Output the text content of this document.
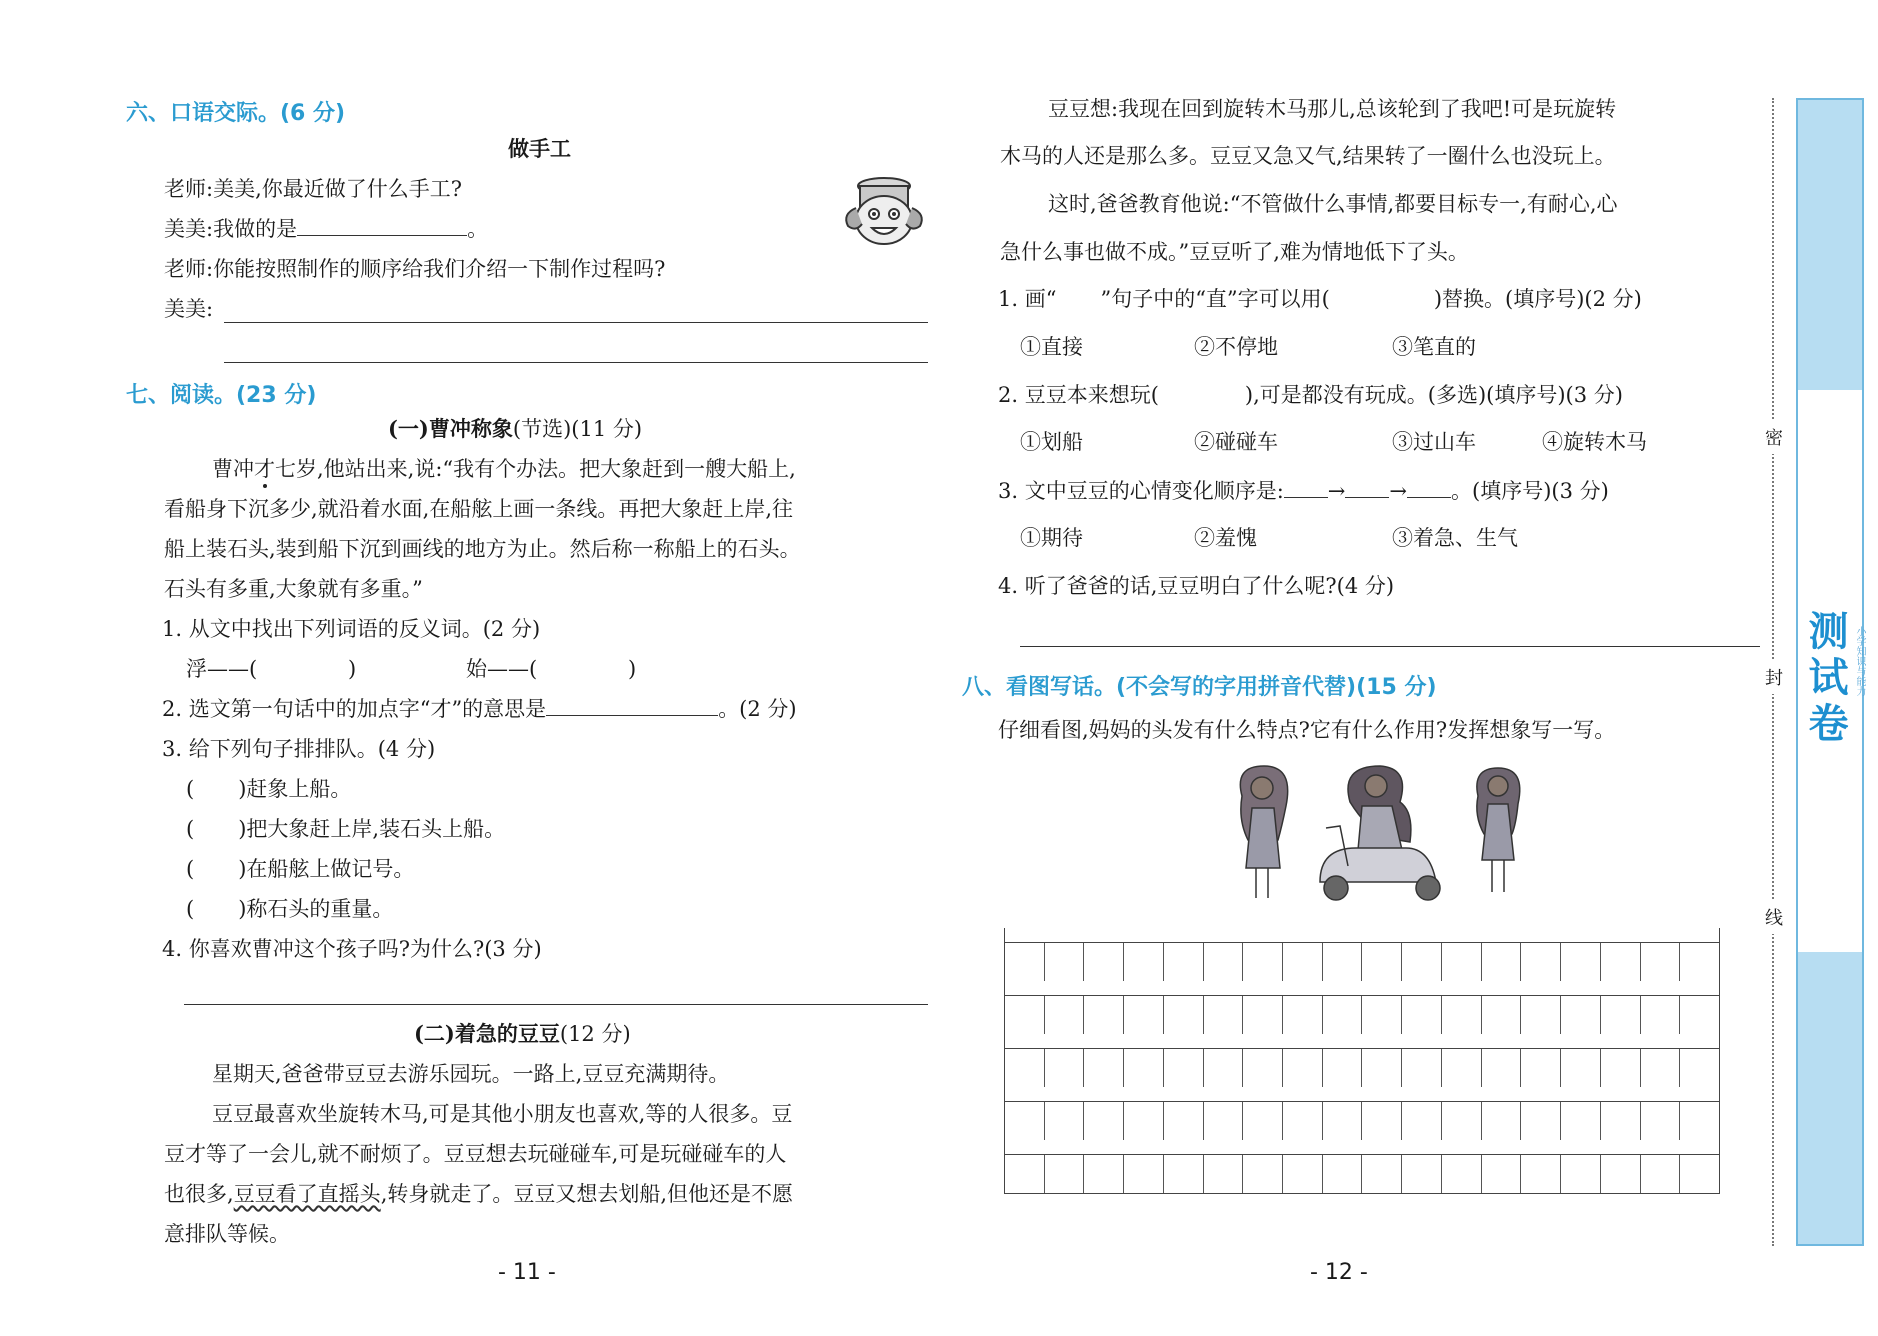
六、口语交际。(6 分)
做手工
老师:美美,你最近做了什么手工?
美美:我做的是	。
老师:你能按照制作的顺序给我们介绍一下制作过程吗?
美美:
七、阅读。(23 分)
(一)曹冲称象(节选)(11 分)
曹冲才七岁,他站出来,说:“我有个办法。把大象赶到一艘大船上,
看船身下沉多少,就沿着水面,在船舷上画一条线。再把大象赶上岸,往
船上装石头,装到船下沉到画线的地方为止。然后称一称船上的石头。
石头有多重,大象就有多重。”
1. 从文中找出下列词语的反义词。(2 分)
浮——(	)	始——(	)
2. 选文第一句话中的加点字“才”的意思是	。(2 分)
3. 给下列句子排排队。(4 分)
( )赶象上船。
( )把大象赶上岸,装石头上船。
( )在船舷上做记号。
( )称石头的重量。
4. 你喜欢曹冲这个孩子吗?为什么?(3 分)
(二)着急的豆豆(12 分)
星期天,爸爸带豆豆去游乐园玩。一路上,豆豆充满期待。
豆豆最喜欢坐旋转木马,可是其他小朋友也喜欢,等的人很多。豆
豆才等了一会儿,就不耐烦了。豆豆想去玩碰碰车,可是玩碰碰车的人
也很多,豆豆看了直摇头,转身就走了。豆豆又想去划船,但他还是不愿
意排队等候。
- 11 -
豆豆想:我现在回到旋转木马那儿,总该轮到了我吧!可是玩旋转
木马的人还是那么多。豆豆又急又气,结果转了一圈什么也没玩上。
这时,爸爸教育他说:“不管做什么事情,都要目标专一,有耐心,心
急什么事也做不成。”豆豆听了,难为情地低下了头。
1. 画“ ”句子中的“直”字可以用(	)替换。(填序号)(2 分)
①直接	②不停地	③笔直的
2. 豆豆本来想玩(	),可是都没有玩成。(多选)(填序号)(3 分)
①划船	②碰碰车	③过山车	④旋转木马
3. 文中豆豆的心情变化顺序是: → → 。(填序号)(3 分)
①期待	②羞愧	③着急、生气
4. 听了爸爸的话,豆豆明白了什么呢?(4 分)
八、看图写话。(不会写的字用拼音代替)(15 分)
仔细看图,妈妈的头发有什么特点?它有什么作用?发挥想象写一写。
- 12 -
密
封
线
测试卷 小学知识与能力
